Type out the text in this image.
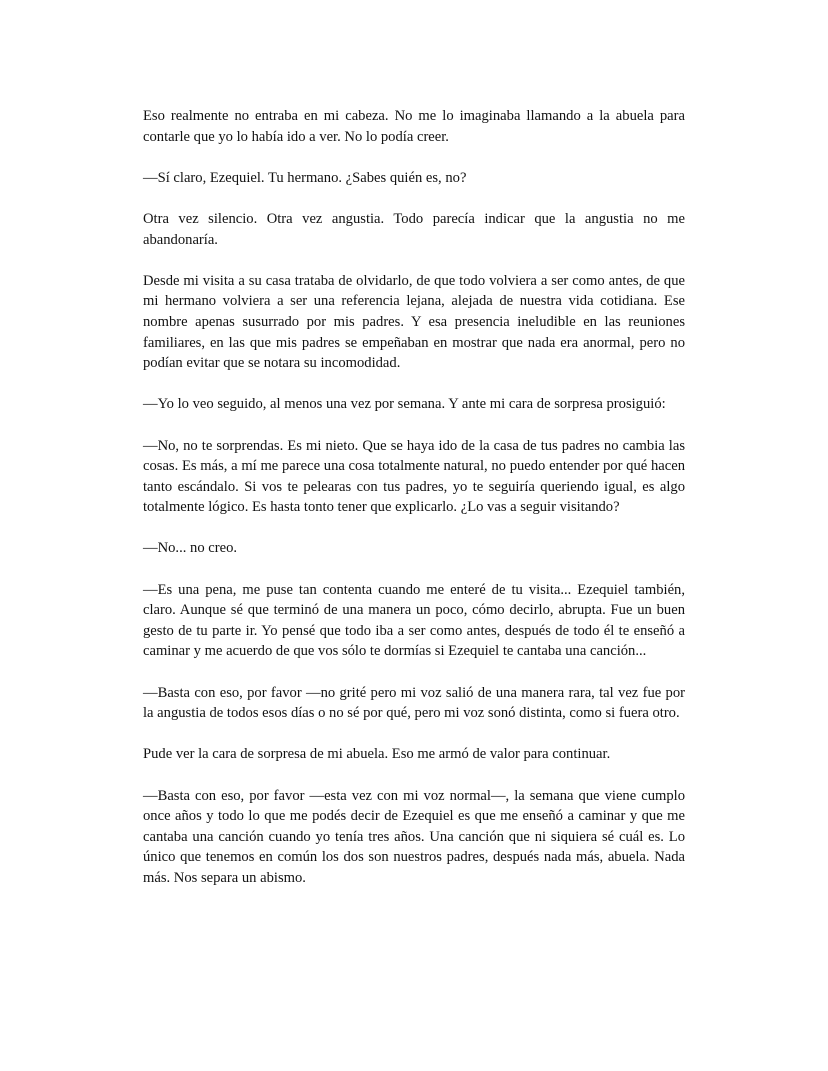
Eso realmente no entraba en mi cabeza. No me lo imaginaba llamando a la abuela para contarle que yo lo había ido a ver. No lo podía creer.

—Sí claro, Ezequiel. Tu hermano. ¿Sabes quién es, no?

Otra vez silencio. Otra vez angustia. Todo parecía indicar que la angustia no me abandonaría.

Desde mi visita a su casa trataba de olvidarlo, de que todo volviera a ser como antes, de que mi hermano volviera a ser una referencia lejana, alejada de nuestra vida cotidiana. Ese nombre apenas susurrado por mis padres. Y esa presencia ineludible en las reuniones familiares, en las que mis padres se empeñaban en mostrar que nada era anormal, pero no podían evitar que se notara su incomodidad.

—Yo lo veo seguido, al menos una vez por semana. Y ante mi cara de sorpresa prosiguió:

—No, no te sorprendas. Es mi nieto. Que se haya ido de la casa de tus padres no cambia las cosas. Es más, a mí me parece una cosa totalmente natural, no puedo entender por qué hacen tanto escándalo. Si vos te pelearas con tus padres, yo te seguiría queriendo igual, es algo totalmente lógico. Es hasta tonto tener que explicarlo. ¿Lo vas a seguir visitando?

—No... no creo.

—Es una pena, me puse tan contenta cuando me enteré de tu visita... Ezequiel también, claro. Aunque sé que terminó de una manera un poco, cómo decirlo, abrupta. Fue un buen gesto de tu parte ir. Yo pensé que todo iba a ser como antes, después de todo él te enseñó a caminar y me acuerdo de que vos sólo te dormías si Ezequiel te cantaba una canción...

—Basta con eso, por favor —no grité pero mi voz salió de una manera rara, tal vez fue por la angustia de todos esos días o no sé por qué, pero mi voz sonó distinta, como si fuera otro.

Pude ver la cara de sorpresa de mi abuela. Eso me armó de valor para continuar.

—Basta con eso, por favor —esta vez con mi voz normal—, la semana que viene cumplo once años y todo lo que me podés decir de Ezequiel es que me enseñó a caminar y que me cantaba una canción cuando yo tenía tres años. Una canción que ni siquiera sé cuál es. Lo único que tenemos en común los dos son nuestros padres, después nada más, abuela. Nada más. Nos separa un abismo.
